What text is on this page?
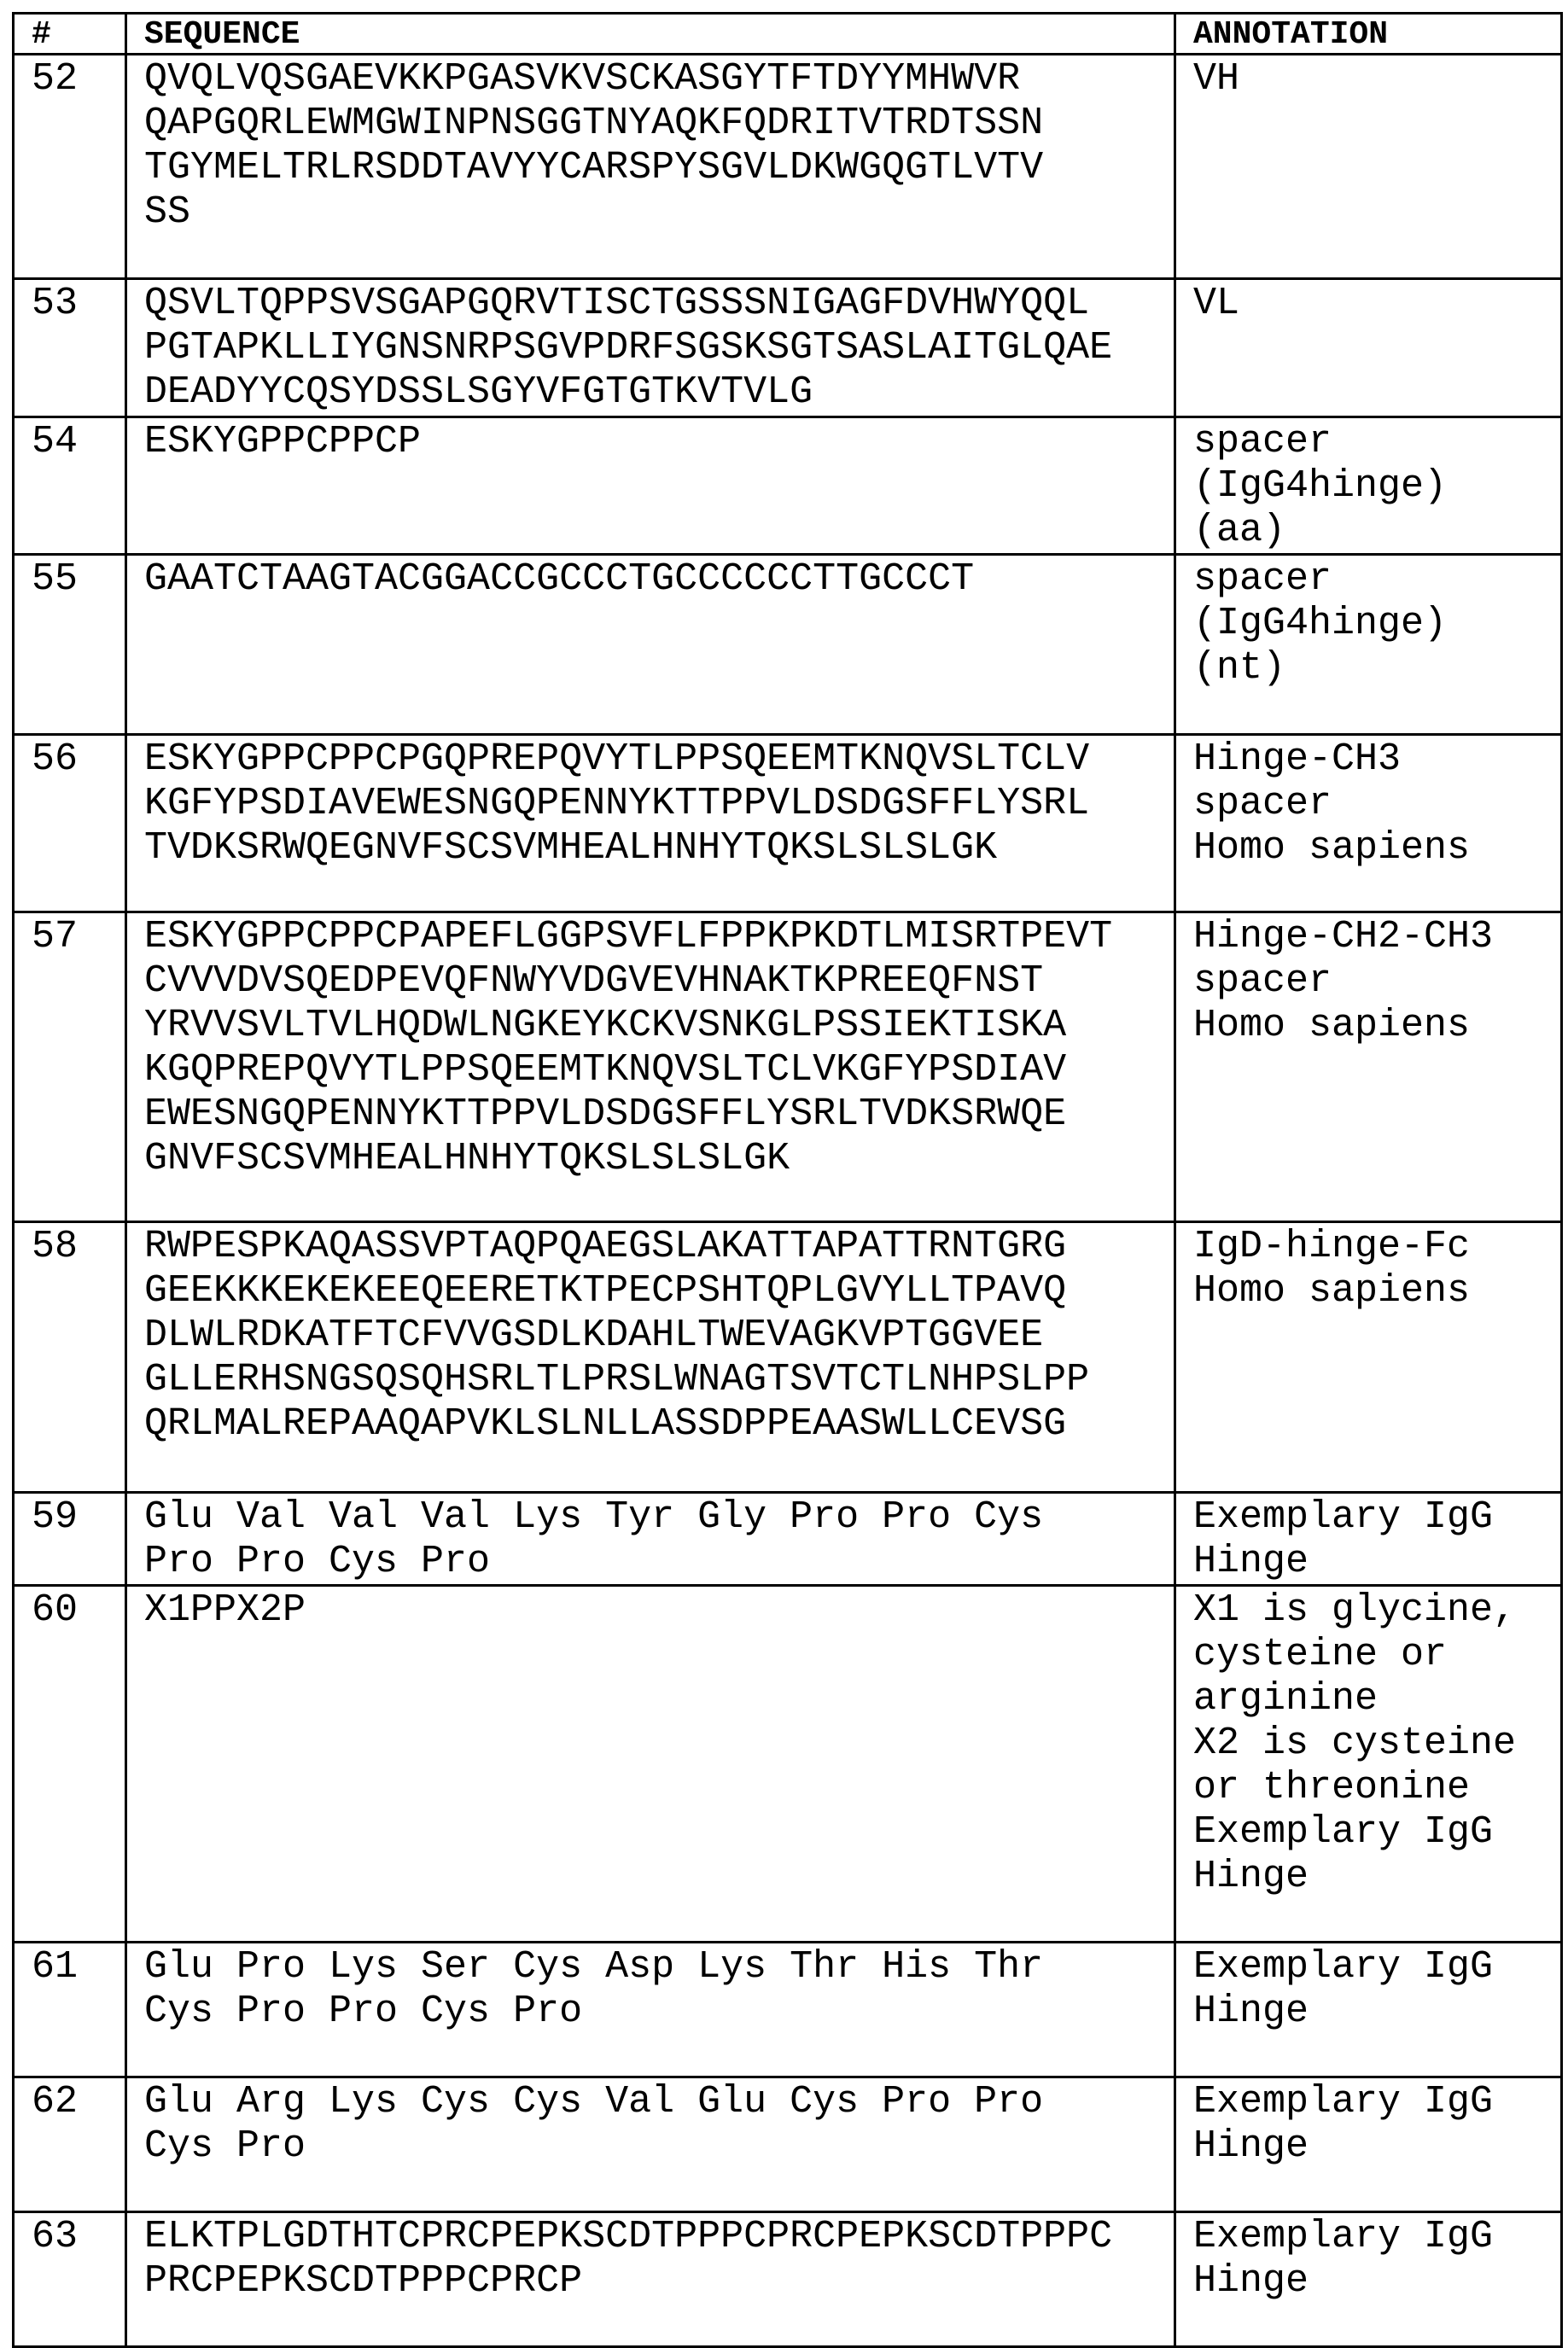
#	SEQUENCE	ANNOTATION
52	QVQLVQSGAEVKKPGASVKVSCKASGYTFTDYYMHWVR
QAPGQRLEWMGWINPNSGGTNYAQKFQDRITVTRDTSSN
TGYMELTRLRSDDTAVYYCARSPYSGVLDKWGQGTLVTV
SS

VH

53	QSVLTQPPSVSGAPGQRVTISCTGSSSNIGAGFDVHWYQQL
PGTAPKLLIYGNSNRPSGVPDRFSGSKSGTSASLAITGLQAE
DEADYYCQSYDSSLSGYVFGTGTKVTVLG

VL

54	ESKYGPPCPPCP	spacer
(IgG4hinge)
(aa)

55	GAATCTAAGTACGGACCGCCCTGCCCCCCTTGCCCT	spacer
(IgG4hinge)
(nt)

56	ESKYGPPCPPCPGQPREPQVYTLPPSQEEMTKNQVSLTCLV
KGFYPSDIAVEWESNGQPENNYKTTPPVLDSDGSFFLYSRL
TVDKSRWQEGNVFSCSVMHEALHNHYTQKSLSLSLGK

Hinge-CH3
spacer
Homo sapiens

57	ESKYGPPCPPCPAPEFLGGPSVFLFPPKPKDTLMISRTPEVT
CVVVDVSQEDPEVQFNWYVDGVEVHNAKTKPREEQFNST
YRVVSVLTVLHQDWLNGKEYKCKVSNKGLPSSIEKTISKA
KGQPREPQVYTLPPSQEEMTKNQVSLTCLVKGFYPSDIAV
EWESNGQPENNYKTTPPVLDSDGSFFLYSRLTVDKSRWQE
GNVFSCSVMHEALHNHYTQKSLSLSLGK

Hinge-CH2-CH3
spacer
Homo sapiens

58	RWPESPKAQASSVPTAQPQAEGSLAKATTAPATTRNTGRG
GEEKKKEKEKEEQEERETKTPECPSHTQPLGVYLLTPAVQ
DLWLRDKATFTCFVVGSDLKDAHLTWEVAGKVPTGGVEE
GLLERHSNGSQSQHSRLTLPRSLWNAGTSVTCTLNHPSLPP
QRLMALREPAAQAPVKLSLNLLASSDPPEAASWLLCEVSG

IgD-hinge-Fc
Homo sapiens

59	Glu Val Val Val Lys Tyr Gly Pro Pro Cys
Pro Pro Cys Pro

Exemplary IgG
Hinge

60	X1PPX2P	X1 is glycine,
cysteine or
arginine
X2 is cysteine
or threonine
Exemplary IgG
Hinge

61	Glu Pro Lys Ser Cys Asp Lys Thr His Thr
Cys Pro Pro Cys Pro

Exemplary IgG
Hinge

62	Glu Arg Lys Cys Cys Val Glu Cys Pro Pro
Cys Pro

Exemplary IgG
Hinge

63	ELKTPLGDTHTCPRCPEPKSCDTPPPCPRCPEPKSCDTPPPC
PRCPEPKSCDTPPPCPRCP

Exemplary IgG
Hinge
